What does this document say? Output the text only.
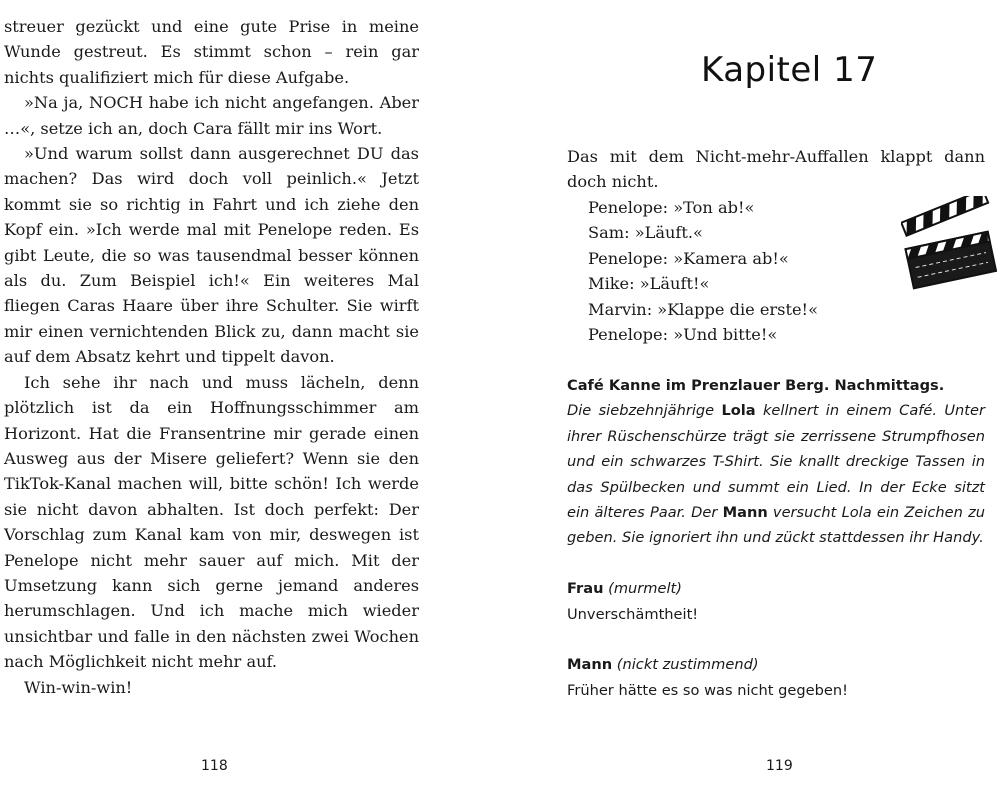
streuer gezückt und eine gute Prise in meine Wunde gestreut. Es stimmt schon – rein gar nichts qualifiziert mich für diese Aufgabe.

»Na ja, NOCH habe ich nicht angefangen. Aber …«, setze ich an, doch Cara fällt mir ins Wort.

»Und warum sollst dann ausgerechnet DU das machen? Das wird doch voll peinlich.« Jetzt kommt sie so richtig in Fahrt und ich ziehe den Kopf ein. »Ich werde mal mit Penelope reden. Es gibt Leute, die so was tausendmal besser können als du. Zum Beispiel ich!« Ein weiteres Mal fliegen Caras Haare über ihre Schulter. Sie wirft mir einen vernichtenden Blick zu, dann macht sie auf dem Absatz kehrt und tippelt davon.

Ich sehe ihr nach und muss lächeln, denn plötzlich ist da ein Hoffnungsschimmer am Horizont. Hat die Fransentrine mir gerade einen Ausweg aus der Misere geliefert? Wenn sie den TikTok-Kanal machen will, bitte schön! Ich werde sie nicht davon abhalten. Ist doch perfekt: Der Vorschlag zum Kanal kam von mir, deswegen ist Penelope nicht mehr sauer auf mich. Mit der Umsetzung kann sich gerne jemand anderes herumschlagen. Und ich mache mich wieder unsichtbar und falle in den nächsten zwei Wochen nach Möglichkeit nicht mehr auf.

Win-win-win!

118
Kapitel 17
Das mit dem Nicht-mehr-Auffallen klappt dann doch nicht.
Penelope: »Ton ab!«
Sam: »Läuft.«
Penelope: »Kamera ab!«
Mike: »Läuft!«
Marvin: »Klappe die erste!«
Penelope: »Und bitte!«
Café Kanne im Prenzlauer Berg. Nachmittags.
Die siebzehnjährige Lola kellnert in einem Café. Unter ihrer Rüschenschürze trägt sie zerrissene Strumpfhosen und ein schwarzes T-Shirt. Sie knallt dreckige Tassen in das Spülbecken und summt ein Lied. In der Ecke sitzt ein älteres Paar. Der Mann versucht Lola ein Zeichen zu geben. Sie ignoriert ihn und zückt stattdessen ihr Handy.
Frau (murmelt)
Unverschämtheit!
Mann (nickt zustimmend)
Früher hätte es so was nicht gegeben!
119
